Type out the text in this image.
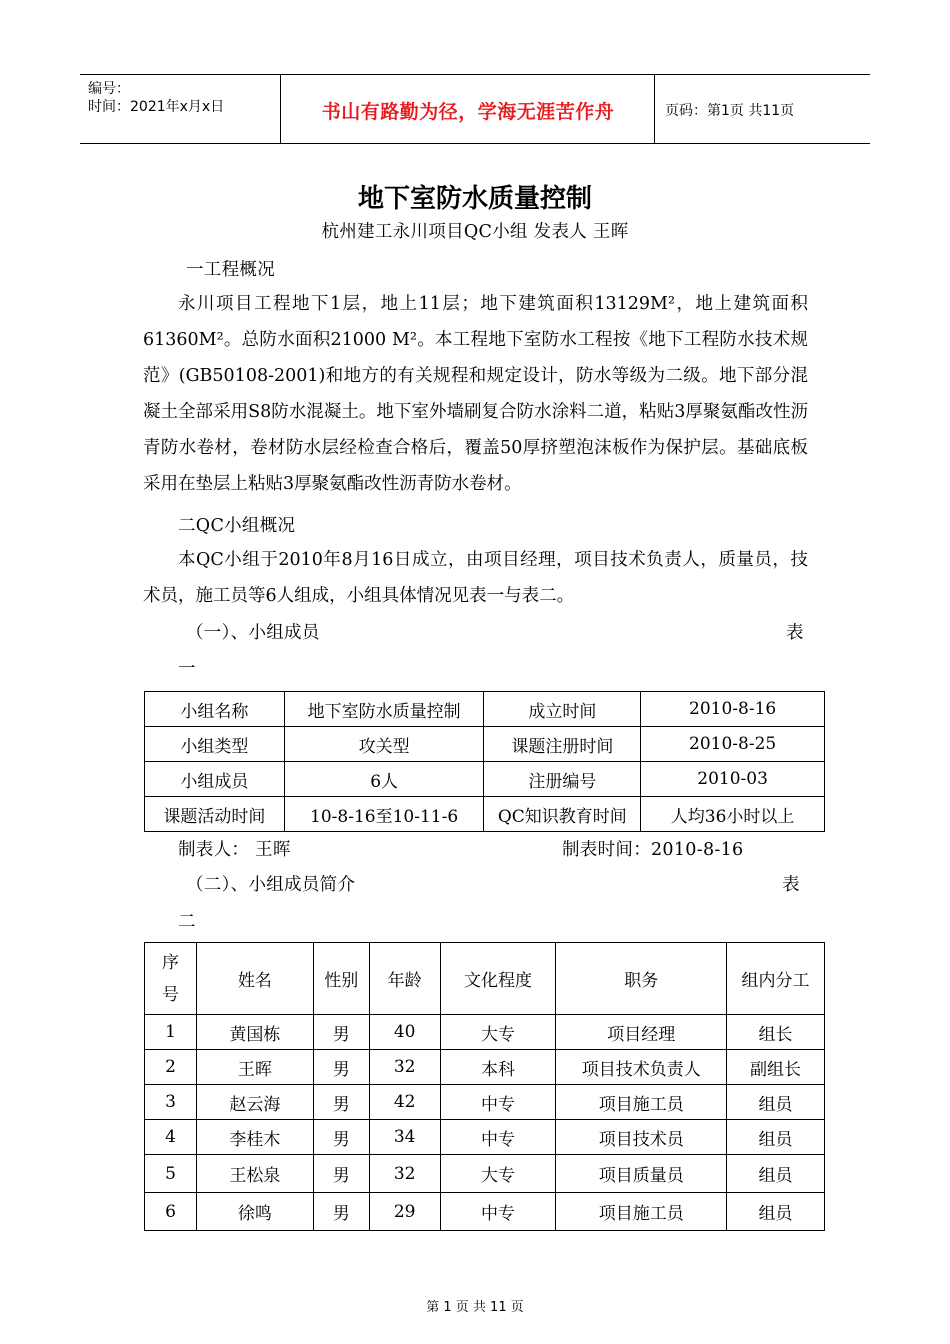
编号：
时间：2021年x月x日	书山有路勤为径，学海无涯苦作舟	页码：第1页 共11页
地下室防水质量控制
杭州建工永川项目QC小组 发表人 王晖
一工程概况
永川项目工程地下1层，地上11层；地下建筑面积13129M²，地上建筑面积61360M²。总防水面积21000 M²。本工程地下室防水工程按《地下工程防水技术规范》(GB50108-2001)和地方的有关规程和规定设计，防水等级为二级。地下部分混凝土全部采用S8防水混凝土。地下室外墙刷复合防水涂料二道，粘贴3厚聚氨酯改性沥青防水卷材，卷材防水层经检查合格后，覆盖50厚挤塑泡沫板作为保护层。基础底板采用在垫层上粘贴3厚聚氨酯改性沥青防水卷材。
二QC小组概况
本QC小组于2010年8月16日成立，由项目经理，项目技术负责人，质量员，技术员，施工员等6人组成，小组具体情况见表一与表二。
（一）、小组成员	表
一
小组名称	地下室防水质量控制	成立时间	2010-8-16
小组类型	攻关型	课题注册时间	2010-8-25
小组成员	6人	注册编号	2010-03
课题活动时间	10-8-16至10-11-6	QC知识教育时间	人均36小时以上
制表人： 王晖	制表时间：2010-8-16
（二）、小组成员简介	表
二
序号	姓名	性别	年龄	文化程度	职务	组内分工
1	黄国栋	男	40	大专	项目经理	组长
2	王晖	男	32	本科	项目技术负责人	副组长
3	赵云海	男	42	中专	项目施工员	组员
4	李桂木	男	34	中专	项目技术员	组员
5	王松泉	男	32	大专	项目质量员	组员
6	徐鸣	男	29	中专	项目施工员	组员
第 1 页 共 11 页
